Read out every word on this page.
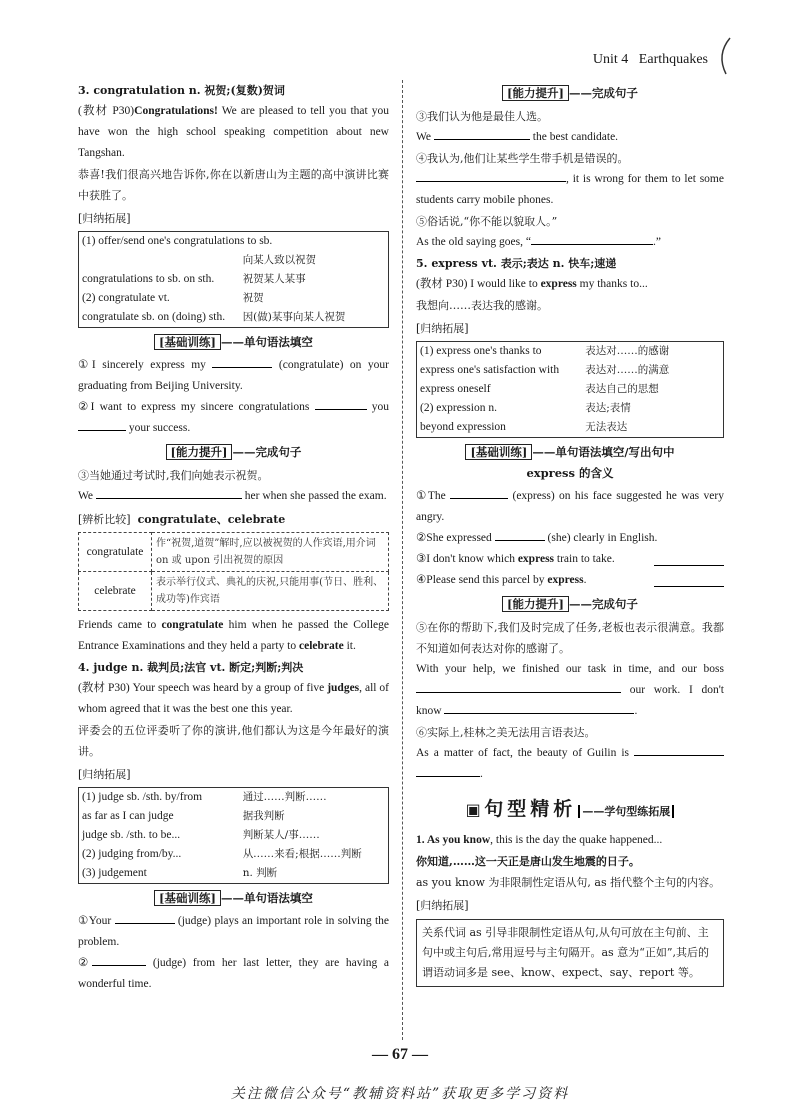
Unit 4 Earthquakes

3. congratulation n. 祝贺;(复数)贺词

(教材 P30)Congratulations! We are pleased to tell you that you have won the high school speaking competition about new Tangshan.

恭喜!我们很高兴地告诉你,你在以新唐山为主题的高中演讲比赛中获胜了。

[归纳拓展]

(1) offer/send one's congratulations to sb.	
	向某人致以祝贺
congratulations to sb. on sth.	祝贺某人某事
(2) congratulate vt.	祝贺
congratulate sb. on (doing) sth.	因(做)某事向某人祝贺
[基础训练] ——单句语法填空

①I sincerely express my	(congratulate) on your graduating from Beijing University.

②I want to express my sincere congratulations	you  your success.

[能力提升] ——完成句子

③当她通过考试时,我们向她表示祝贺。

We	her when she passed the exam.

[辨析比较] congratulate、celebrate

congratulate	作“祝贺,道贺”解时,应以被祝贺的人作宾语,用介词 on 或 upon 引出祝贺的原因
celebrate	表示举行仪式、典礼的庆祝,只能用事(节日、胜利、成功等)作宾语

Friends came to congratulate him when he passed the College Entrance Examinations and they held a party to celebrate it.

4. judge n. 裁判员;法官 vt. 断定;判断;判决

(教材 P30) Your speech was heard by a group of five judges, all of whom agreed that it was the best one this year.

评委会的五位评委听了你的演讲,他们都认为这是今年最好的演讲。

[归纳拓展]

(1) judge sb. /sth. by/from	通过……判断……
as far as I can judge	据我判断
judge sb. /sth. to be...	判断某人/事……
(2) judging from/by...	从……来看;根据……判断
(3) judgement	n. 判断
[基础训练] ——单句语法填空

①Your	(judge) plays an important role in solving the problem.

②	(judge) from her last letter, they are having a wonderful time.

[能力提升] ——完成句子

③我们认为他是最佳人选。

We	the best candidate.

④我认为,他们让某些学生带手机是错误的。

, it is wrong for them to let some students carry mobile phones.

⑤俗话说,“你不能以貌取人。”

As the old saying goes, “	.”

5. express vt. 表示;表达 n. 快车;速递

(教材 P30) I would like to express my thanks to...

我想向……表达我的感谢。

[归纳拓展]

(1) express one's thanks to	表达对……的感谢
express one's satisfaction with	表达对……的满意
express oneself	表达自己的思想
(2) expression n.	表达;表情
beyond expression	无法表达
[基础训练] ——单句语法填空/写出句中
express 的含义

①The	(express) on his face suggested he was very angry.

②She expressed	(she) clearly in English.

③I don't know which express train to take.

④Please send this parcel by express.

[能力提升] ——完成句子

⑤在你的帮助下,我们及时完成了任务,老板也表示很满意。我都不知道如何表达对你的感谢了。

With your help, we finished our task in time, and our boss  our work. I don't know	.

⑥实际上,桂林之美无法用言语表达。

As a matter of fact, the beauty of Guilin is  .

▣ 句型精析 ——学句型练拓展

1. As you know, this is the day the quake happened...

你知道,……这一天正是唐山发生地震的日子。

as you know 为非限制性定语从句, as 指代整个主句的内容。

[归纳拓展]

关系代词 as 引导非限制性定语从句,从句可放在主句前、主句中或主句后,常用逗号与主句隔开。as 意为“正如”,其后的谓语动词多是 see、know、expect、say、report 等。
— 67 —
关注微信公众号“教辅资料站”获取更多学习资料
